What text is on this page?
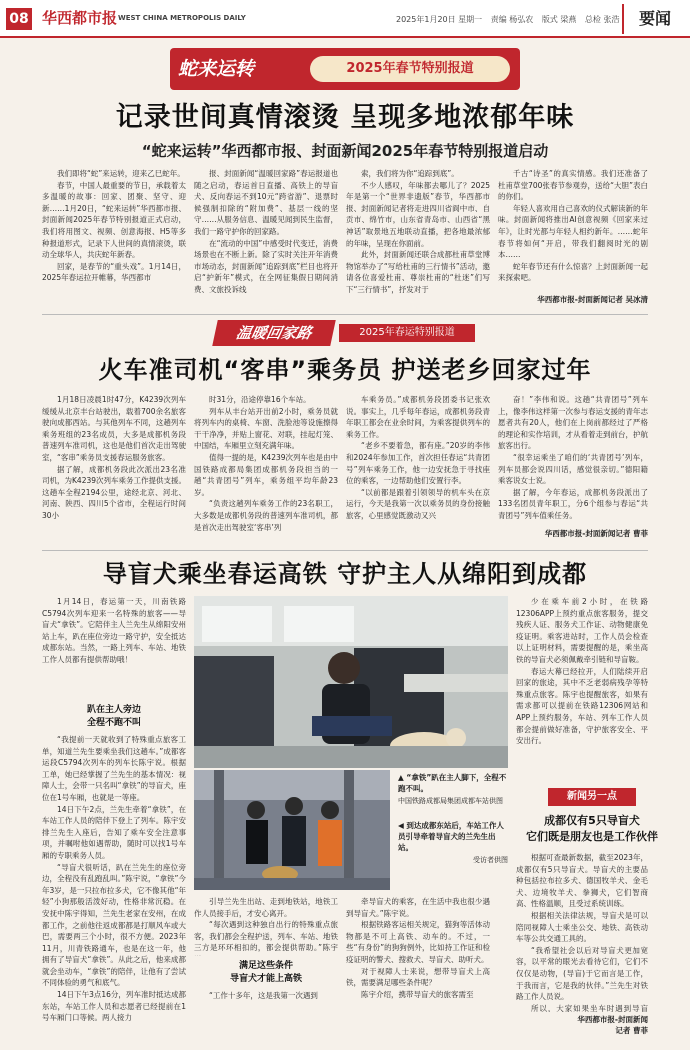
08 华西都市报 WEST CHINA METROPOLIS DAILY	2025年1月20日 星期一 责编 杨弘农 版式 梁燕 总检 张浩	要闻
蛇来运转	2025年春节特别报道
记录世间真情滚烫 呈现多地浓郁年味
“蛇来运转”华西都市报、封面新闻2025年春节特别报道启动

我们即将“蛇”来运转，迎来乙巳蛇年。

春节，中国人最重要的节日，承载着太多温暖的故事：回家、团聚、坚守、迎新……1月20日，“蛇来运转”华西都市报、封面新闻2025年春节特别报道正式启动，我们将用图文、视频、创意海报、H5等多种报道形式，记录下人世间的真情滚烫，联动全球华人，共庆蛇年新春。

回家，是春节的“重头戏”。1月14日，2025年春运拉开帷幕，华西都市

报、封面新闻“温暖回家路”春运报道也随之启动，春运首日直播、高铁上的导盲犬、反向春运不到10元“跨省游”、退票时候强制扣除的“附加费”、基层一线的坚守……从服务信息、温暖见闻到民生监督，我们一路守护你的回家路。

在“流动的中国”中感受时代变迁，消费场景也在不断上新。除了实时关注开年消费市场动态，封面新闻“追踪到底”栏目也将开启“护新年”模式，在全网征集假日期间消费、文旅投诉线

索，我们将为你“追踪到底”。

不少人感叹，年味都去哪儿了？2025年是第一个“世界非遗版”春节，华西都市报、封面新闻记者将走进四川省阆中市、自贡市、绵竹市，山东省青岛市、山西省“黑神话”取景地五地联动直播，把各地最浓郁的年味，呈现在你面前。

此外，封面新闻还联合成都杜甫草堂博物馆举办了“写给杜甫的三行情书”活动，邀请各位喜爱杜甫、尊崇杜甫的“杜迷”们写下“三行情书”，抒发对于

千古“诗圣”的真实情感。我们还准备了杜甫草堂700张春节参观券，送给“大胆”表白的你们。

年轻人喜欢用自己喜欢的仪式解读新的年味。封面新闻将推出AI创意视频《回家来过年》，让时光都与年轻人相约新年。……蛇年春节将如何“开启，带我们翻阅时光的剧本……

蛇年春节还有什么惊喜？上封面新闻一起来探索吧。

华西都市报-封面新闻记者 吴冰清
温暖回家路	2025年春运特别报道
火车准司机“客串”乘务员 护送老乡回家过年

1月18日凌晨1时47分，K4239次列车缓缓从北京丰台站驶出，载着700余名旅客驶向成都西站。与其他列车不同，这趟列车乘务班组的23名成员，大多是成都机务段普速列车准司机，这也是他们首次走出驾驶室，“客串”乘务员支援春运服务旅客。

据了解，成都机务段此次派出23名准司机，为K4239次列车乘务工作提供支援。这趟车全程2194公里，途经北京、河北、河南、陕西、四川5个省市，全程运行时间30小

时31分，沿途停靠16个车站。

列车从丰台站开出前2小时，乘务员就将列车内的桌椅、车窗、洗脸池等设施擦得干干净净，并贴上窗花、对联，挂起灯笼、中国结，车厢里立刻充满年味。

值得一提的是，K4239次列车也是由中国铁路成都局集团成都机务段担当的一趟“共青团号”列车，乘务组平均年龄23岁。

“负责这趟列车乘务工作的23名职工，大多数是成都机务段的普速列车准司机，都是首次走出驾驶室‘客串’列

车乘务员。”成都机务段团委书记张欢说。事实上，几乎每年春运，成都机务段青年职工都会在业余时间，为乘客提供列车的乘务工作。

“老乡不要着急，都有座。”20岁的李伟和2024年参加工作，首次担任春运“共青团号”列车乘务工作，他一边安抚急于寻找座位的乘客，一边帮助他们安置行李。

“以前都是跟着引领领导的机车头在京运行，今天是我第一次以乘务员的身份接触旅客，心里感觉既激动又兴

奋！”李伟和说。这趟“共青团号”列车上，像李伟这样第一次参与春运支援的青年志愿者共有20人，他们在上岗前都经过了严格的理论和实作培训，才从看着走到前台，护航旅客出行。

“很幸运乘坐了咱们的‘共青团号’列车，列车员都会说四川话，感觉很亲切。”德阳籍乘客说女士说。

据了解，今年春运，成都机务段派出了133名团员青年职工，分6个组参与春运“共青团号”列车值乘任务。

华西都市报-封面新闻记者 曹菲
导盲犬乘坐春运高铁 守护主人从绵阳到成都

1月14日，春运第一天，川南铁路C5794次列车迎来一名特殊的旅客——导盲犬“拿铁”。它陪伴主人兰先生从绵阳安州站上车，趴在座位旁边一路守护，安全抵达成都东站。当然，一路上列车、车站、地铁工作人员都有提供帮助哦！

趴在主人旁边
全程不跑不叫

“我提前一天就收到了特殊重点旅客工单，知道兰先生要乘坐我们这趟车。”成都客运段C5794次列车的列车长陈宇说。根据工单，她已经掌握了兰先生的基本情况：视障人士，会带一只名叫“拿铁”的导盲犬，座位在1号车厢，也就是一等座。

14日下午2点，兰先生牵着“拿铁”，在车站工作人员的陪伴下登上了列车。陈宇安排兰先生入座后，告知了乘车安全注意事项，并嘱咐他如遇帮助，随时可以找1号车厢的专职乘务人员。

“导盲犬很听话，趴在兰先生的座位旁边，全程没有乱跑乱叫。”陈宇说，“拿铁”今年3岁，是一只拉布拉多犬，它不像其他“年轻”小狗那般活泼好动，性格非常沉稳。在安抚中陈宇得知，兰先生老家在安州，在成都工作，之前他往返成都都是打顺风车或大巴，需要两三个小时，很不方便。2023年11月，川青铁路通车，也是在这一年，他拥有了导盲犬“拿铁”。从此之后，他来成都就会坐动车，“拿铁”的陪伴，让他有了尝试不同体验的勇气和底气。

14日下午3点16分，列车准时抵达成都东站，车站工作人员和志愿者已经提前在1号车厢门口等候。两人接力

▲ “拿铁”趴在主人脚下，全程不跑不叫。
中国铁路成都局集团成都车站供图
◀ 到达成都东站后，车站工作人员引导牵着导盲犬的兰先生出站。
受访者供图

引导兰先生出站、走到地铁站，地铁工作人员接手后，才安心离开。

“每次遇到这种独自出行的特殊重点旅客，我们都会全程护送，列车、车站、地铁三方是环环相扣的，都会提供帮助。”陈宇

满足这些条件
导盲犬才能上高铁

“工作十多年，这是我第一次遇到

牵导盲犬的乘客，在生活中我也很少遇到导盲犬。”陈宇说。

根据铁路客运相关规定，猫狗等活体动物都是不可上高铁、动车的。不过，一些“有身份”的狗狗例外，比如持工作证和检疫证明的警犬、搜救犬、导盲犬、助听犬。

对于视障人士来说，想带导盲犬上高铁，需要满足哪些条件呢？

陈宇介绍，携带导盲犬的旅客需至

少在乘车前2小时，在铁路12306APP上预约重点旅客服务，提交残疾人证、服务犬工作证、动物健康免疫证明。乘客进站时，工作人员会检查以上证明材料，需要提醒的是，乘坐高铁的导盲犬必须佩戴牵引链和导盲鞍。

春运大幕已经拉开，人们陆续开启回家的旅途，其中不乏老弱病残孕等特殊重点旅客。陈宇也提醒旅客，如果有需求都可以提前在铁路12306网站和APP上预约服务，车站、列车工作人员都会提前做好准备，守护旅客安全、平安出行。

新闻另一点
成都仅有5只导盲犬
它们既是朋友也是工作伙伴

根据可查最新数据，截至2023年，成都仅有5只导盲犬。导盲犬的主要品种包括拉布拉多犬、德国牧羊犬、金毛犬、边境牧羊犬、拳狮犬，它们智商高、性格温顺，且受过系统训练。

根据相关法律法规，导盲犬是可以陪同视障人士乘坐公交、地铁、高铁动车等公共交通工具的。

“我希望社会以后对导盲犬更加宽容，以平常的眼光去看待它们，它们不仅仅是动物，(导盲)于它而言是工作，于我而言，它是我的伙伴。”兰先生对铁路工作人员说。

所以，大家如果坐车时遇到导盲

华西都市报-封面新闻
记者 曹菲
